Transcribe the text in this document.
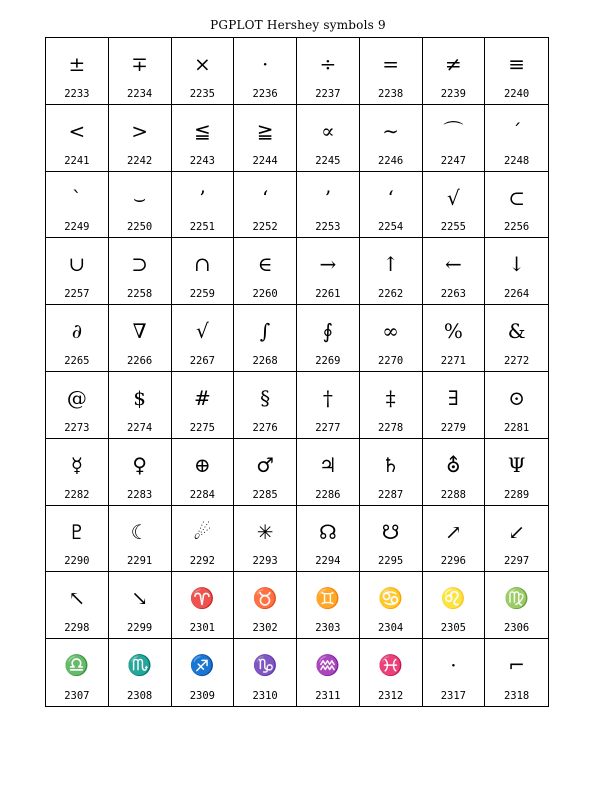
PGPLOT Hershey symbols 9
±
2233
∓
2234
×
2235
·
2236
÷
2237
=
2238
≠
2239
≡
2240
<
2241
>
2242
≦
2243
≧
2244
∝
2245
∼
2246
⌒
2247
ˊ
2248
ˋ
2249
⌣
2250
’
2251
‘
2252
’
2253
‘
2254
√
2255
⊂
2256
∪
2257
⊃
2258
∩
2259
∈
2260
→
2261
↑
2262
←
2263
↓
2264
∂
2265
∇
2266
√
2267
∫
2268
∮
2269
∞
2270
%
2271
&
2272
@
2273
$
2274
#
2275
§
2276
†
2277
‡
2278
∃
2279
⊙
2281
☿
2282
♀
2283
⊕
2284
♂
2285
♃
2286
♄
2287
⛢
2288
Ψ
2289
♇
2290
☾
2291
☄
2292
✳
2293
☊
2294
☋
2295
↗
2296
↙
2297
↖
2298
↘
2299
♈
2301
♉
2302
♊
2303
♋
2304
♌
2305
♍
2306
♎
2307
♏
2308
♐
2309
♑
2310
♒
2311
♓
2312
·
2317
⌐
2318
